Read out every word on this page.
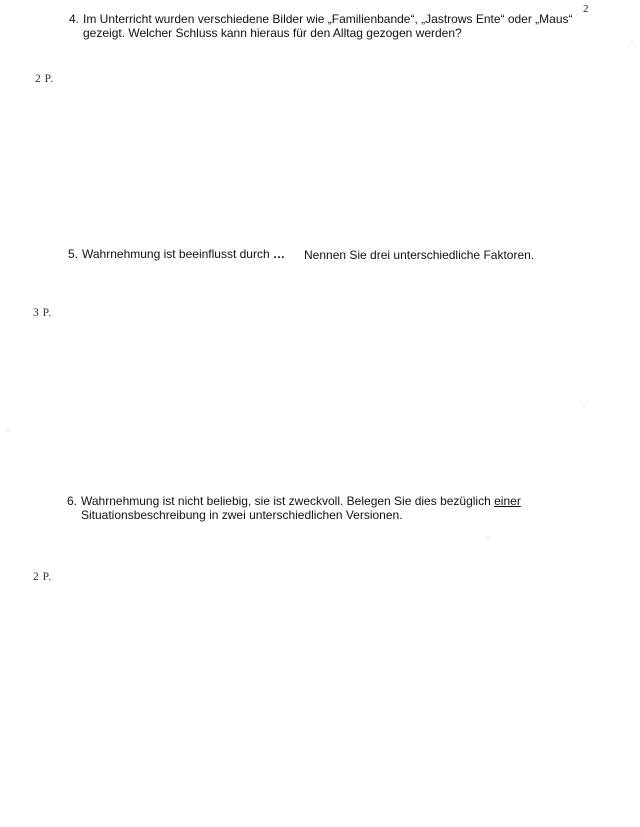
2
4. Im Unterricht wurden verschiedene Bilder wie „Familienbande“, „Jastrows Ente“ oder „Maus“
gezeigt. Welcher Schluss kann hieraus für den Alltag gezogen werden?
2 P.
5. Wahrnehmung ist beeinflusst durch … Nennen Sie drei unterschiedliche Faktoren.
3 P.
6. Wahrnehmung ist nicht beliebig, sie ist zweckvoll. Belegen Sie dies bezüglich einer
Situationsbeschreibung in zwei unterschiedlichen Versionen.
2 P.
